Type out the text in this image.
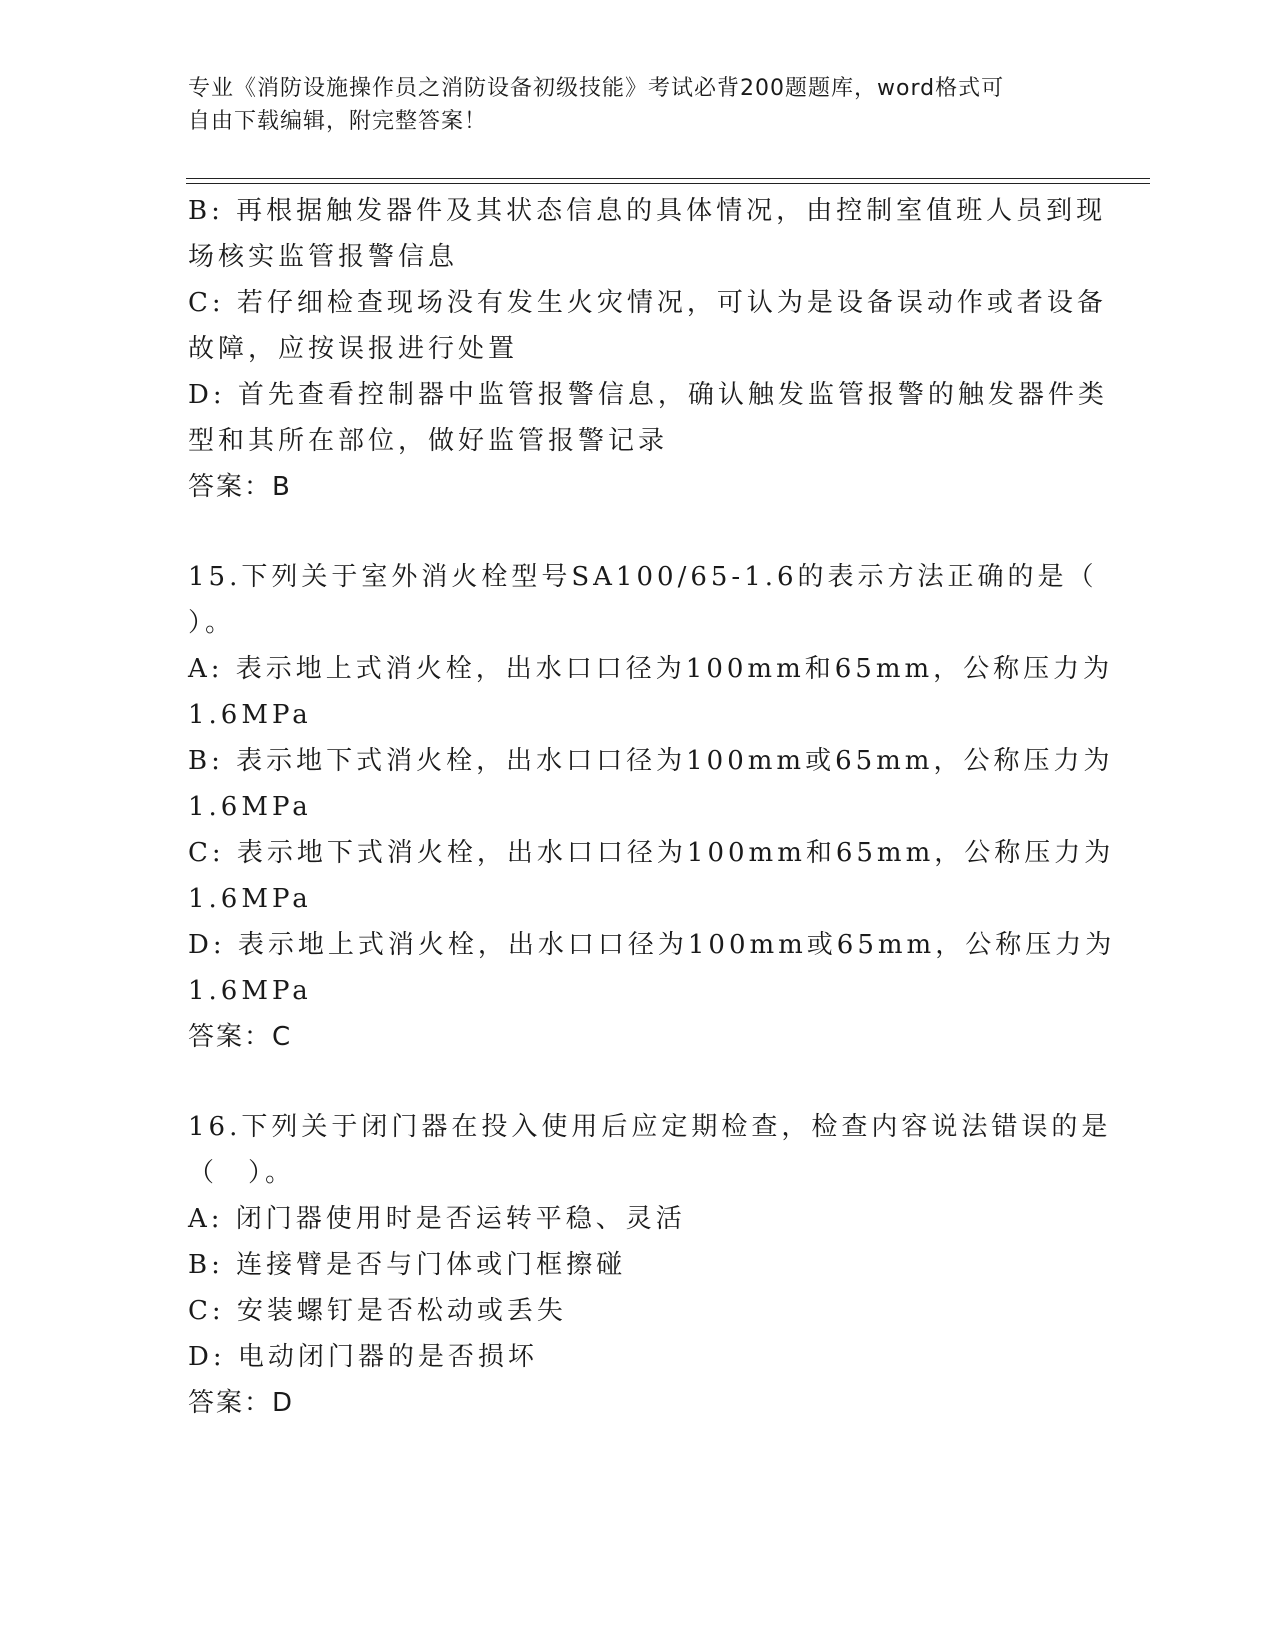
专业《消防设施操作员之消防设备初级技能》考试必背200题题库，word格式可
自由下载编辑，附完整答案！
B: 再根据触发器件及其状态信息的具体情况，由控制室值班人员到现
场核实监管报警信息
C: 若仔细检查现场没有发生火灾情况，可认为是设备误动作或者设备
故障，应按误报进行处置
D: 首先查看控制器中监管报警信息，确认触发监管报警的触发器件类
型和其所在部位，做好监管报警记录
答案：B
15.下列关于室外消火栓型号SA100/65-1.6的表示方法正确的是（
）。
A: 表示地上式消火栓，出水口口径为100mm和65mm，公称压力为
1.6MPa
B: 表示地下式消火栓，出水口口径为100mm或65mm，公称压力为
1.6MPa
C: 表示地下式消火栓，出水口口径为100mm和65mm，公称压力为
1.6MPa
D: 表示地上式消火栓，出水口口径为100mm或65mm，公称压力为
1.6MPa
答案：C
16.下列关于闭门器在投入使用后应定期检查，检查内容说法错误的是
（　）。
A: 闭门器使用时是否运转平稳、灵活
B: 连接臂是否与门体或门框擦碰
C: 安装螺钉是否松动或丢失
D: 电动闭门器的是否损坏
答案：D
